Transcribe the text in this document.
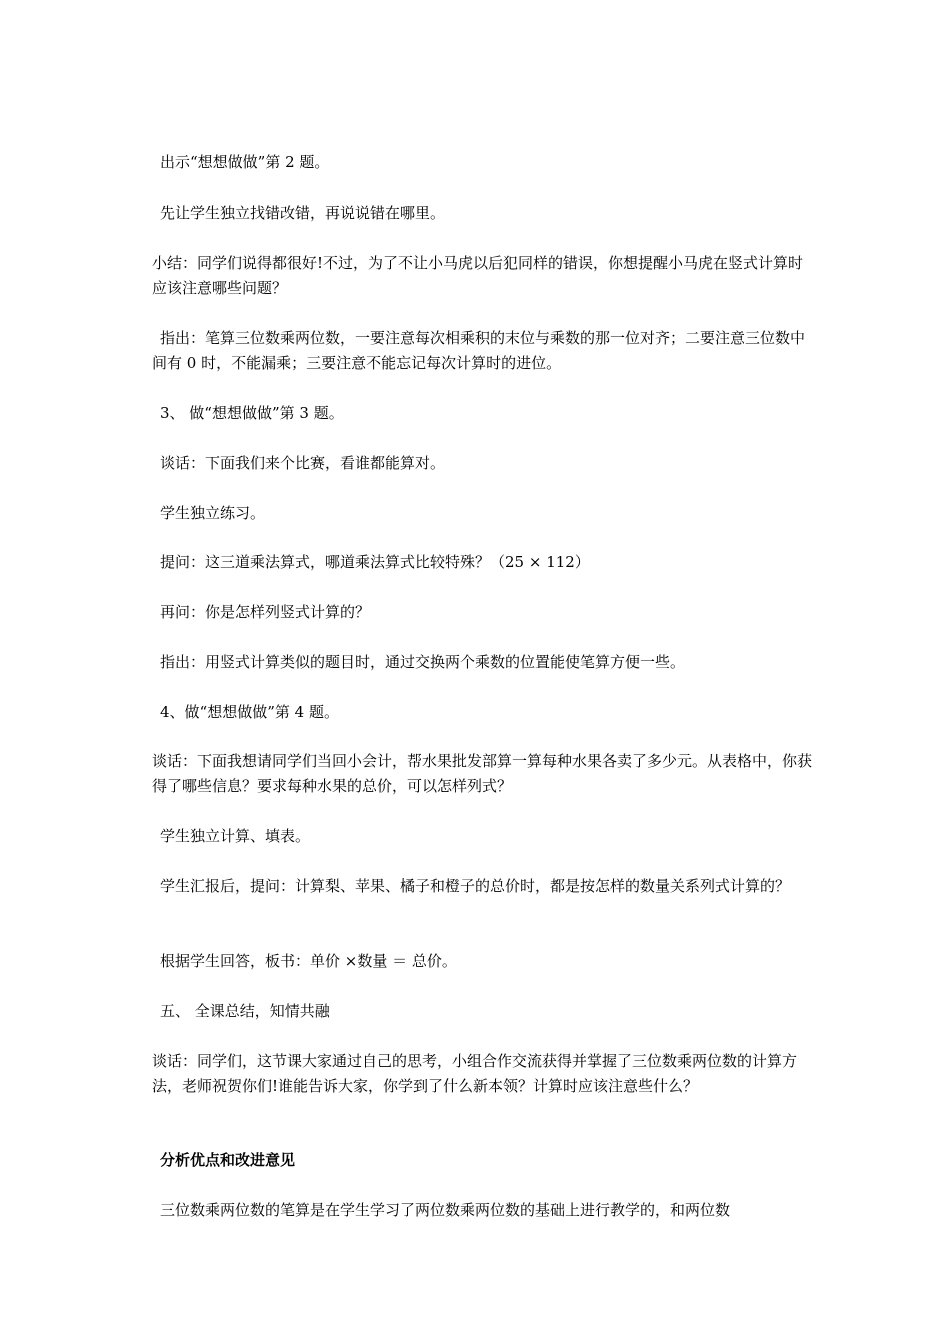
出示“想想做做”第 2 题。
先让学生独立找错改错，再说说错在哪里。
小结：同学们说得都很好!不过，为了不让小马虎以后犯同样的错误，你想提醒小马虎在竖式计算时应该注意哪些问题？
指出：笔算三位数乘两位数，一要注意每次相乘积的末位与乘数的那一位对齐；二要注意三位数中间有 0 时，不能漏乘；三要注意不能忘记每次计算时的进位。
3、 做“想想做做”第 3 题。
谈话：下面我们来个比赛，看谁都能算对。
学生独立练习。
提问：这三道乘法算式，哪道乘法算式比较特殊？（25 × 112）
再问：你是怎样列竖式计算的？
指出：用竖式计算类似的题目时，通过交换两个乘数的位置能使笔算方便一些。
4、做“想想做做”第 4 题。
谈话：下面我想请同学们当回小会计，帮水果批发部算一算每种水果各卖了多少元。从表格中，你获得了哪些信息？要求每种水果的总价，可以怎样列式？
学生独立计算、填表。
学生汇报后，提问：计算梨、苹果、橘子和橙子的总价时，都是按怎样的数量关系列式计算的？
根据学生回答，板书：单价 ×数量 ＝ 总价。
五、 全课总结，知情共融
谈话：同学们，这节课大家通过自己的思考，小组合作交流获得并掌握了三位数乘两位数的计算方法，老师祝贺你们!谁能告诉大家，你学到了什么新本领？计算时应该注意些什么？
分析优点和改进意见
三位数乘两位数的笔算是在学生学习了两位数乘两位数的基础上进行教学的，和两位数
